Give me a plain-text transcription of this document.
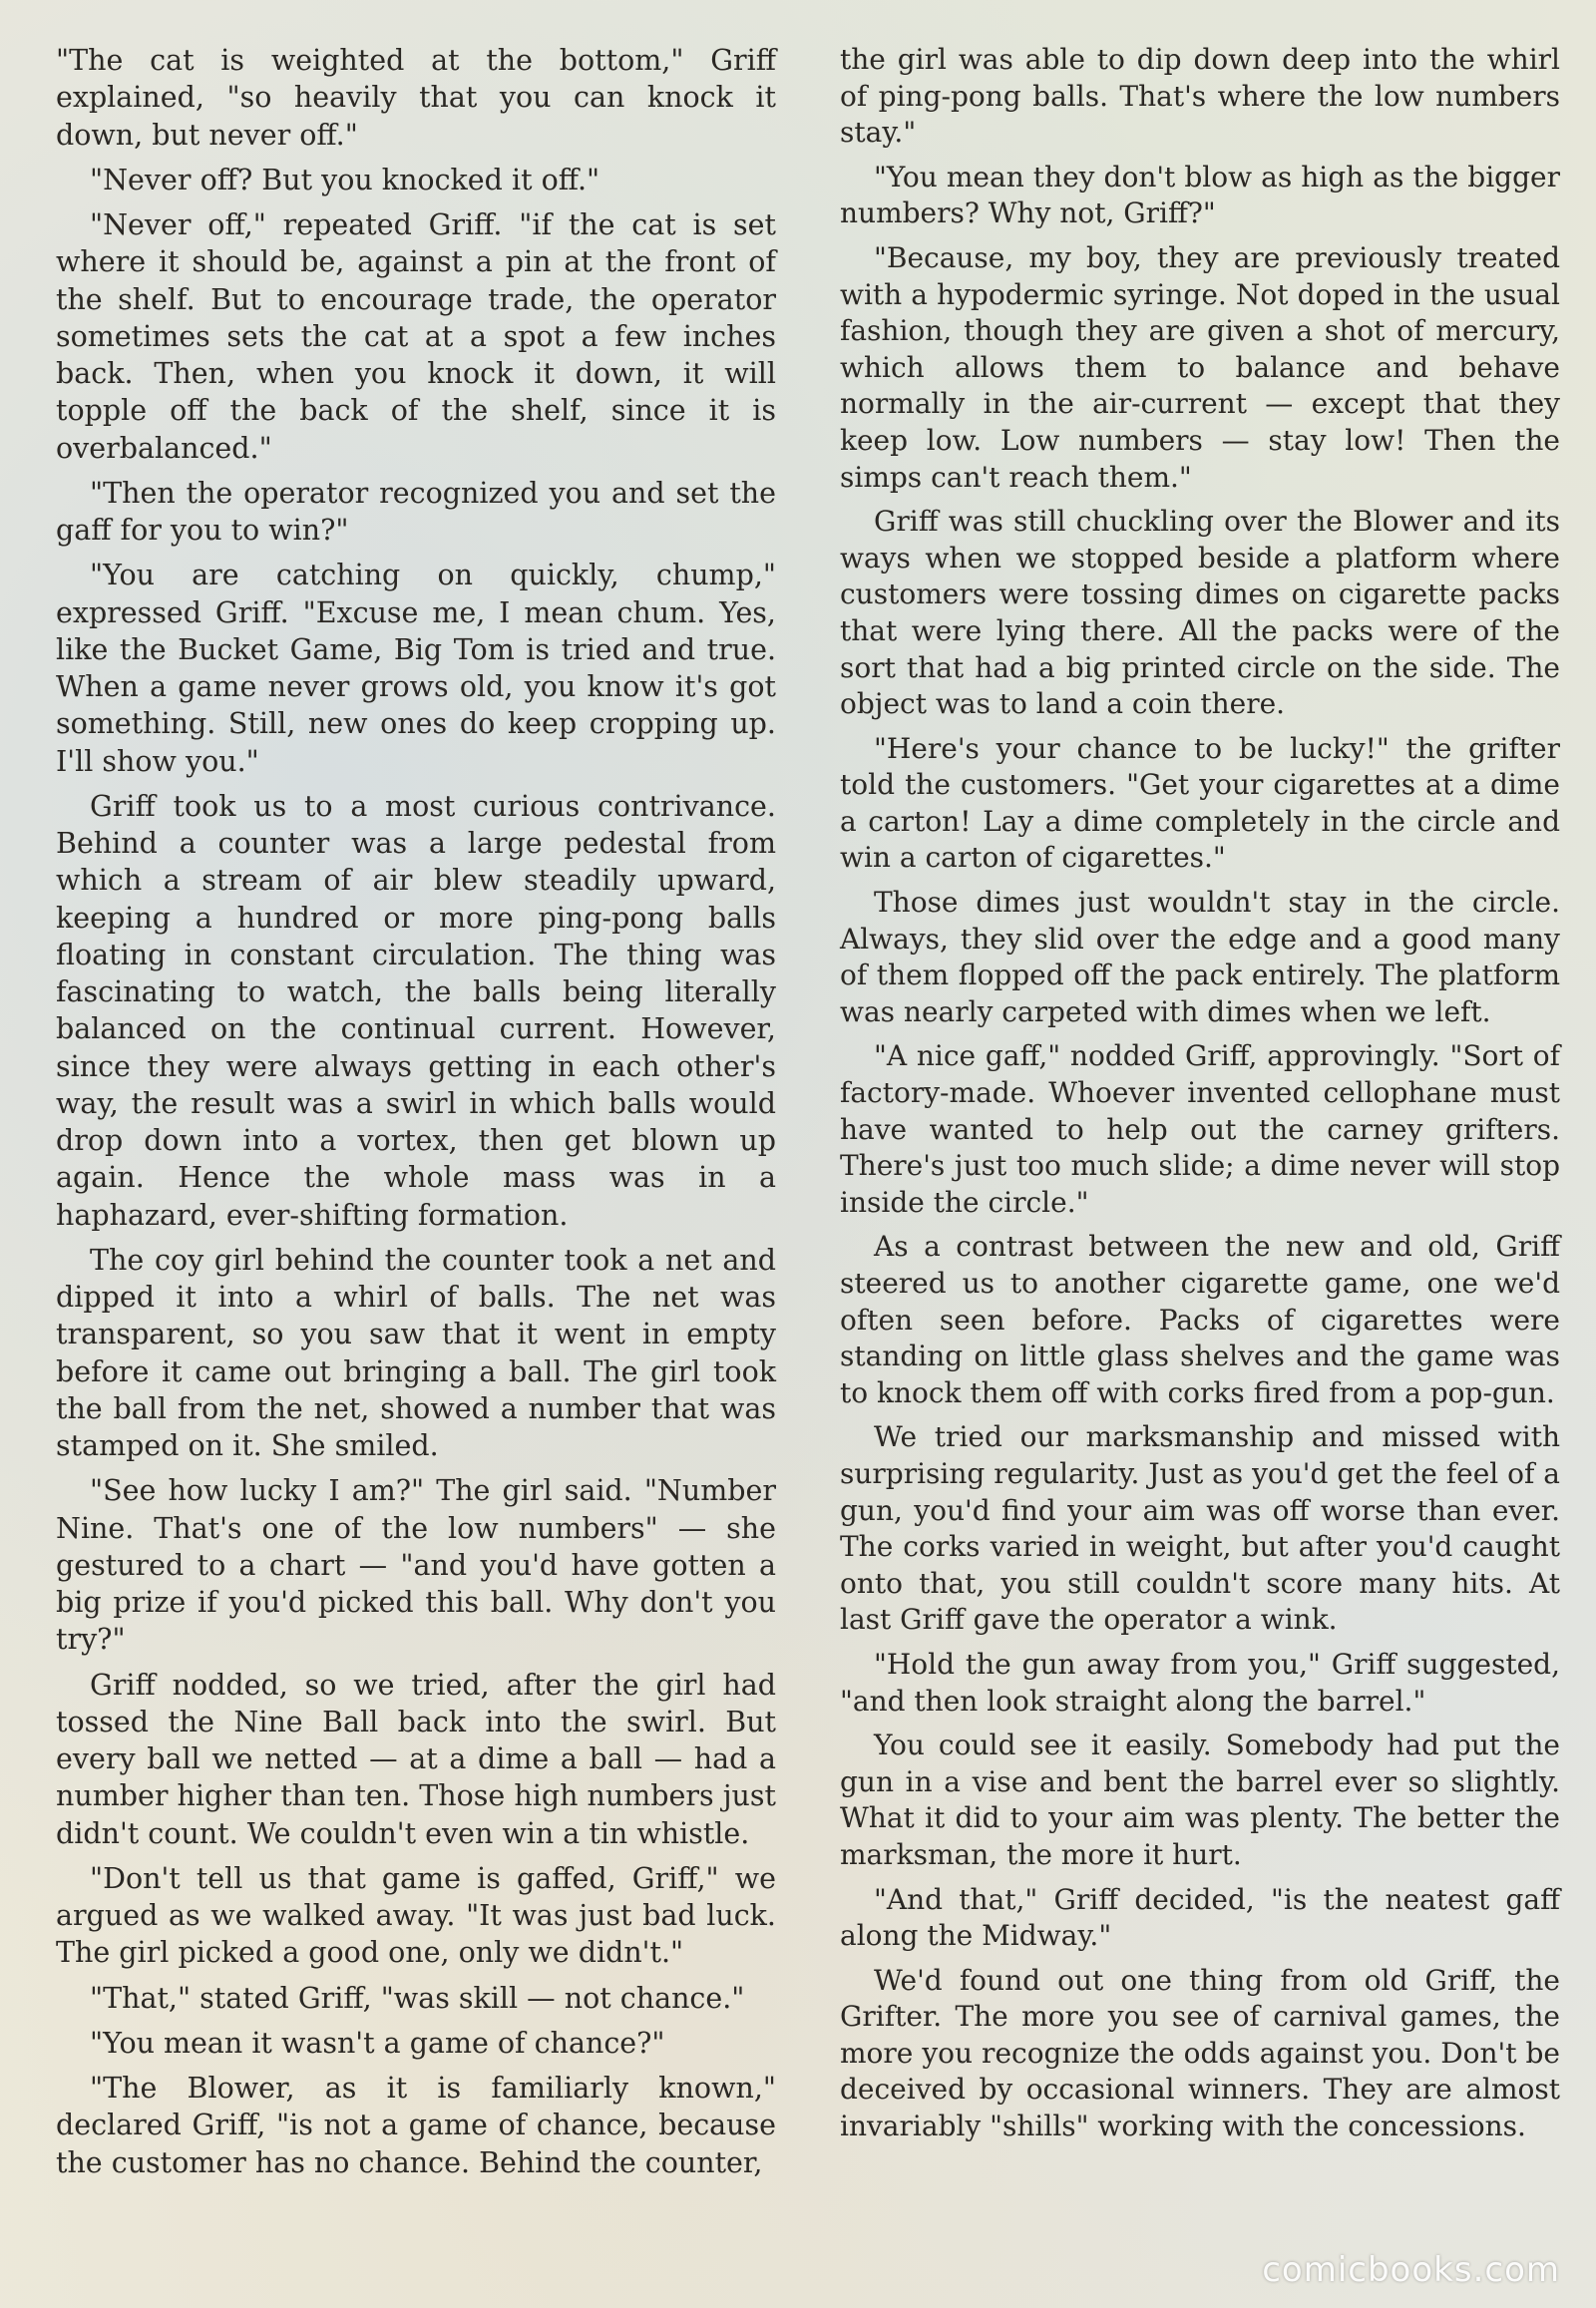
"The cat is weighted at the bottom," Griff explained, "so heavily that you can knock it down, but never off."

"Never off? But you knocked it off."

"Never off," repeated Griff. "if the cat is set where it should be, against a pin at the front of the shelf. But to encourage trade, the operator sometimes sets the cat at a spot a few inches back. Then, when you knock it down, it will topple off the back of the shelf, since it is overbalanced."

"Then the operator recognized you and set the gaff for you to win?"

"You are catching on quickly, chump," expressed Griff. "Excuse me, I mean chum. Yes, like the Bucket Game, Big Tom is tried and true. When a game never grows old, you know it's got something. Still, new ones do keep cropping up. I'll show you."

Griff took us to a most curious contrivance. Behind a counter was a large pedestal from which a stream of air blew steadily upward, keeping a hundred or more ping-pong balls floating in constant circulation. The thing was fascinating to watch, the balls being literally balanced on the continual current. However, since they were always getting in each other's way, the result was a swirl in which balls would drop down into a vortex, then get blown up again. Hence the whole mass was in a haphazard, ever-shifting formation.

The coy girl behind the counter took a net and dipped it into a whirl of balls. The net was transparent, so you saw that it went in empty before it came out bringing a ball. The girl took the ball from the net, showed a number that was stamped on it. She smiled.

"See how lucky I am?" The girl said. "Number Nine. That's one of the low numbers" — she gestured to a chart — "and you'd have gotten a big prize if you'd picked this ball. Why don't you try?"

Griff nodded, so we tried, after the girl had tossed the Nine Ball back into the swirl. But every ball we netted — at a dime a ball — had a number higher than ten. Those high numbers just didn't count. We couldn't even win a tin whistle.

"Don't tell us that game is gaffed, Griff," we argued as we walked away. "It was just bad luck. The girl picked a good one, only we didn't."

"That," stated Griff, "was skill — not chance."

"You mean it wasn't a game of chance?"

"The Blower, as it is familiarly known," declared Griff, "is not a game of chance, because the customer has no chance. Behind the counter,

the girl was able to dip down deep into the whirl of ping-pong balls. That's where the low numbers stay."

"You mean they don't blow as high as the bigger numbers? Why not, Griff?"

"Because, my boy, they are previously treated with a hypodermic syringe. Not doped in the usual fashion, though they are given a shot of mercury, which allows them to balance and behave normally in the air-current — except that they keep low. Low numbers — stay low! Then the simps can't reach them."

Griff was still chuckling over the Blower and its ways when we stopped beside a platform where customers were tossing dimes on cigarette packs that were lying there. All the packs were of the sort that had a big printed circle on the side. The object was to land a coin there.

"Here's your chance to be lucky!" the grifter told the customers. "Get your cigarettes at a dime a carton! Lay a dime completely in the circle and win a carton of cigarettes."

Those dimes just wouldn't stay in the circle. Always, they slid over the edge and a good many of them flopped off the pack entirely. The platform was nearly carpeted with dimes when we left.

"A nice gaff," nodded Griff, approvingly. "Sort of factory-made. Whoever invented cellophane must have wanted to help out the carney grifters. There's just too much slide; a dime never will stop inside the circle."

As a contrast between the new and old, Griff steered us to another cigarette game, one we'd often seen before. Packs of cigarettes were standing on little glass shelves and the game was to knock them off with corks fired from a pop-gun.

We tried our marksmanship and missed with surprising regularity. Just as you'd get the feel of a gun, you'd find your aim was off worse than ever. The corks varied in weight, but after you'd caught onto that, you still couldn't score many hits. At last Griff gave the operator a wink.

"Hold the gun away from you," Griff suggested, "and then look straight along the barrel."

You could see it easily. Somebody had put the gun in a vise and bent the barrel ever so slightly. What it did to your aim was plenty. The better the marksman, the more it hurt.

"And that," Griff decided, "is the neatest gaff along the Midway."

We'd found out one thing from old Griff, the Grifter. The more you see of carnival games, the more you recognize the odds against you. Don't be deceived by occasional winners. They are almost invariably "shills" working with the concessions.

comicbooks.com
